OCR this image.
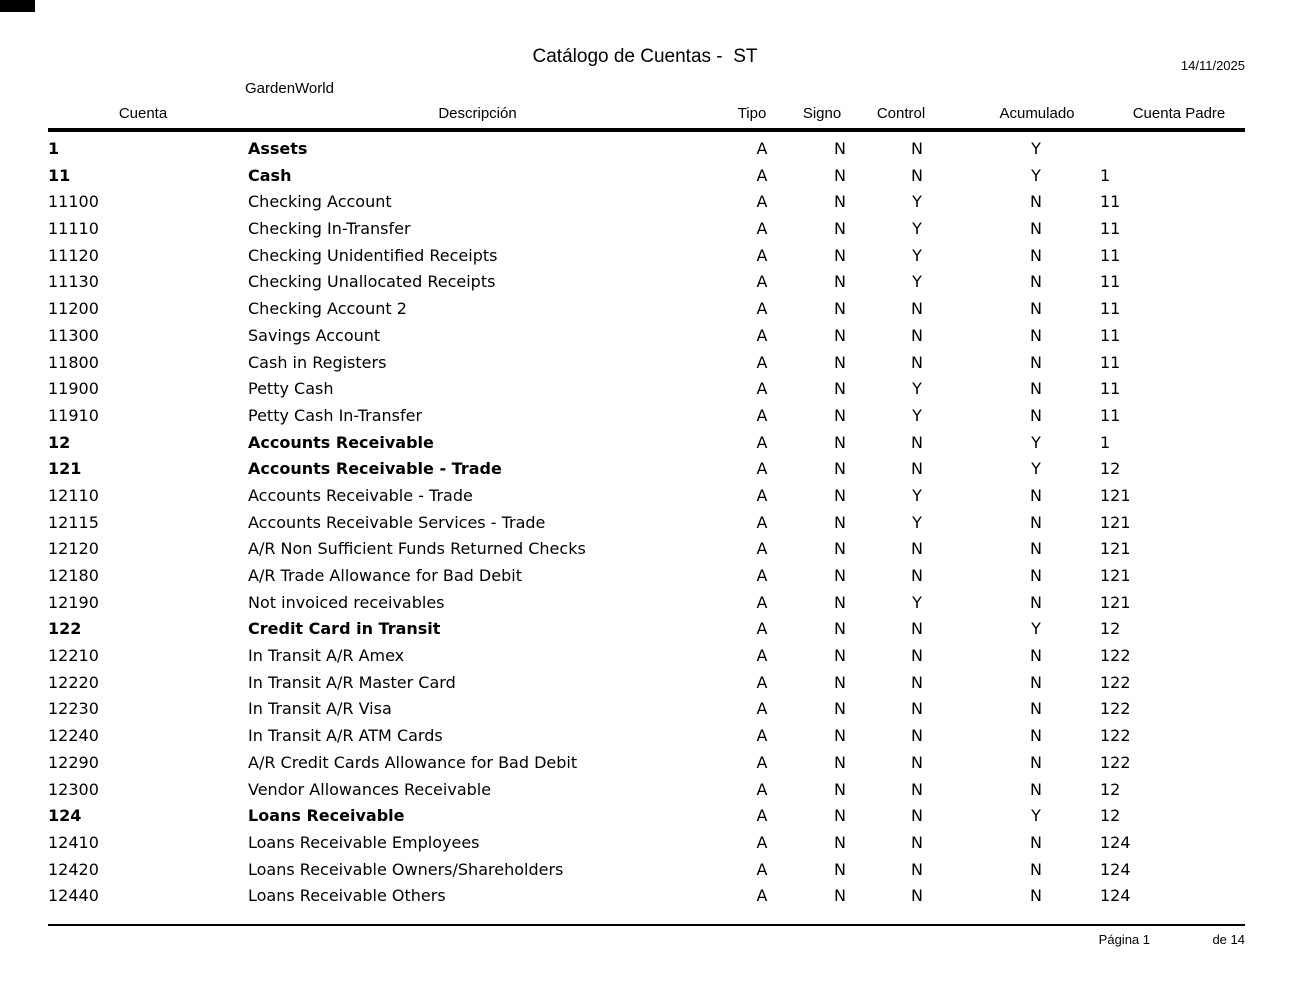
Catálogo de Cuentas -  ST	14/11/2025
GardenWorld
Cuenta	Descripción	Tipo	Signo	Control	Acumulado	Cuenta Padre
1	Assets	A	N	N	Y
11	Cash	A	N	N	Y	1
11100	Checking Account	A	N	Y	N	11
11110	Checking In-Transfer	A	N	Y	N	11
11120	Checking Unidentified Receipts	A	N	Y	N	11
11130	Checking Unallocated Receipts	A	N	Y	N	11
11200	Checking Account 2	A	N	N	N	11
11300	Savings Account	A	N	N	N	11
11800	Cash in Registers	A	N	N	N	11
11900	Petty Cash	A	N	Y	N	11
11910	Petty Cash In-Transfer	A	N	Y	N	11
12	Accounts Receivable	A	N	N	Y	1
121	Accounts Receivable - Trade	A	N	N	Y	12
12110	Accounts Receivable - Trade	A	N	Y	N	121
12115	Accounts Receivable Services - Trade	A	N	Y	N	121
12120	A/R Non Sufficient Funds Returned Checks	A	N	N	N	121
12180	A/R Trade Allowance for Bad Debit	A	N	N	N	121
12190	Not invoiced receivables	A	N	Y	N	121
122	Credit Card in Transit	A	N	N	Y	12
12210	In Transit A/R Amex	A	N	N	N	122
12220	In Transit A/R Master Card	A	N	N	N	122
12230	In Transit A/R Visa	A	N	N	N	122
12240	In Transit A/R ATM Cards	A	N	N	N	122
12290	A/R Credit Cards Allowance for Bad Debit	A	N	N	N	122
12300	Vendor Allowances Receivable	A	N	N	N	12
124	Loans Receivable	A	N	N	Y	12
12410	Loans Receivable Employees	A	N	N	N	124
12420	Loans Receivable Owners/Shareholders	A	N	N	N	124
12440	Loans Receivable Others	A	N	N	N	124
Página 1	de 14
